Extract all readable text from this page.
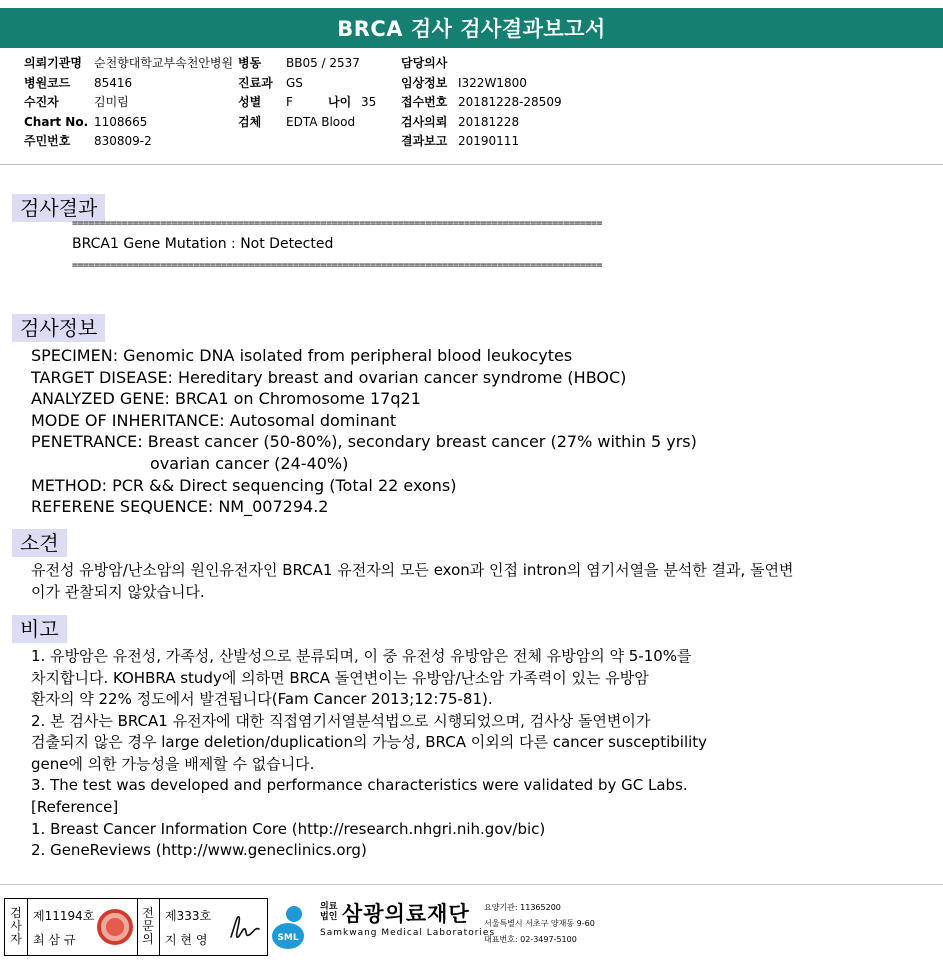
BRCA 검사 검사결과보고서
의뢰기관명 순천향대학교부속천안병원 병동 BB05 / 2537	담당의사
병원코드 85416	진료과 GS	임상정보 I322W1800
수진자	김미림	성별 F	나이 35 접수번호 20181228-28509
Chart No. 1108665	검체 EDTA Blood	검사의뢰 20181228
주민번호 830809-2	결과보고 20190111
검사결과
================================================================================================
BRCA1 Gene Mutation : Not Detected
================================================================================================
검사정보
SPECIMEN: Genomic DNA isolated from peripheral blood leukocytes
TARGET DISEASE: Hereditary breast and ovarian cancer syndrome (HBOC)
ANALYZED GENE: BRCA1 on Chromosome 17q21
MODE OF INHERITANCE: Autosomal dominant
PENETRANCE: Breast cancer (50-80%), secondary breast cancer (27% within 5 yrs)
ovarian cancer (24-40%)
METHOD: PCR && Direct sequencing (Total 22 exons)
REFERENE SEQUENCE: NM_007294.2
소견
유전성 유방암/난소암의 원인유전자인 BRCA1 유전자의 모든 exon과 인접 intron의 염기서열을 분석한 결과, 돌연변
이가 관찰되지 않았습니다.
비고
1. 유방암은 유전성, 가족성, 산발성으로 분류되며, 이 중 유전성 유방암은 전체 유방암의 약 5-10%를
차지합니다. KOHBRA study에 의하면 BRCA 돌연변이는 유방암/난소암 가족력이 있는 유방암
환자의 약 22% 정도에서 발견됩니다(Fam Cancer 2013;12:75-81).
2. 본 검사는 BRCA1 유전자에 대한 직접염기서열분석법으로 시행되었으며, 검사상 돌연변이가
검출되지 않은 경우 large deletion/duplication의 가능성, BRCA 이외의 다른 cancer susceptibility
gene에 의한 가능성을 배제할 수 없습니다.
3. The test was developed and performance characteristics were validated by GC Labs.
[Reference]
1. Breast Cancer Information Core (http://research.nhgri.nih.gov/bic)
2. GeneReviews (http://www.geneclinics.org)
검
사
자
제11194호
최 삼 규
전
문
의
제333호
지 현 영	SML
의료
법인 삼광의료재단
Samkwang Medical Laboratories
요양기관: 11365200
서울특별시 서초구 양재동 9-60
대표번호: 02-3497-5100
